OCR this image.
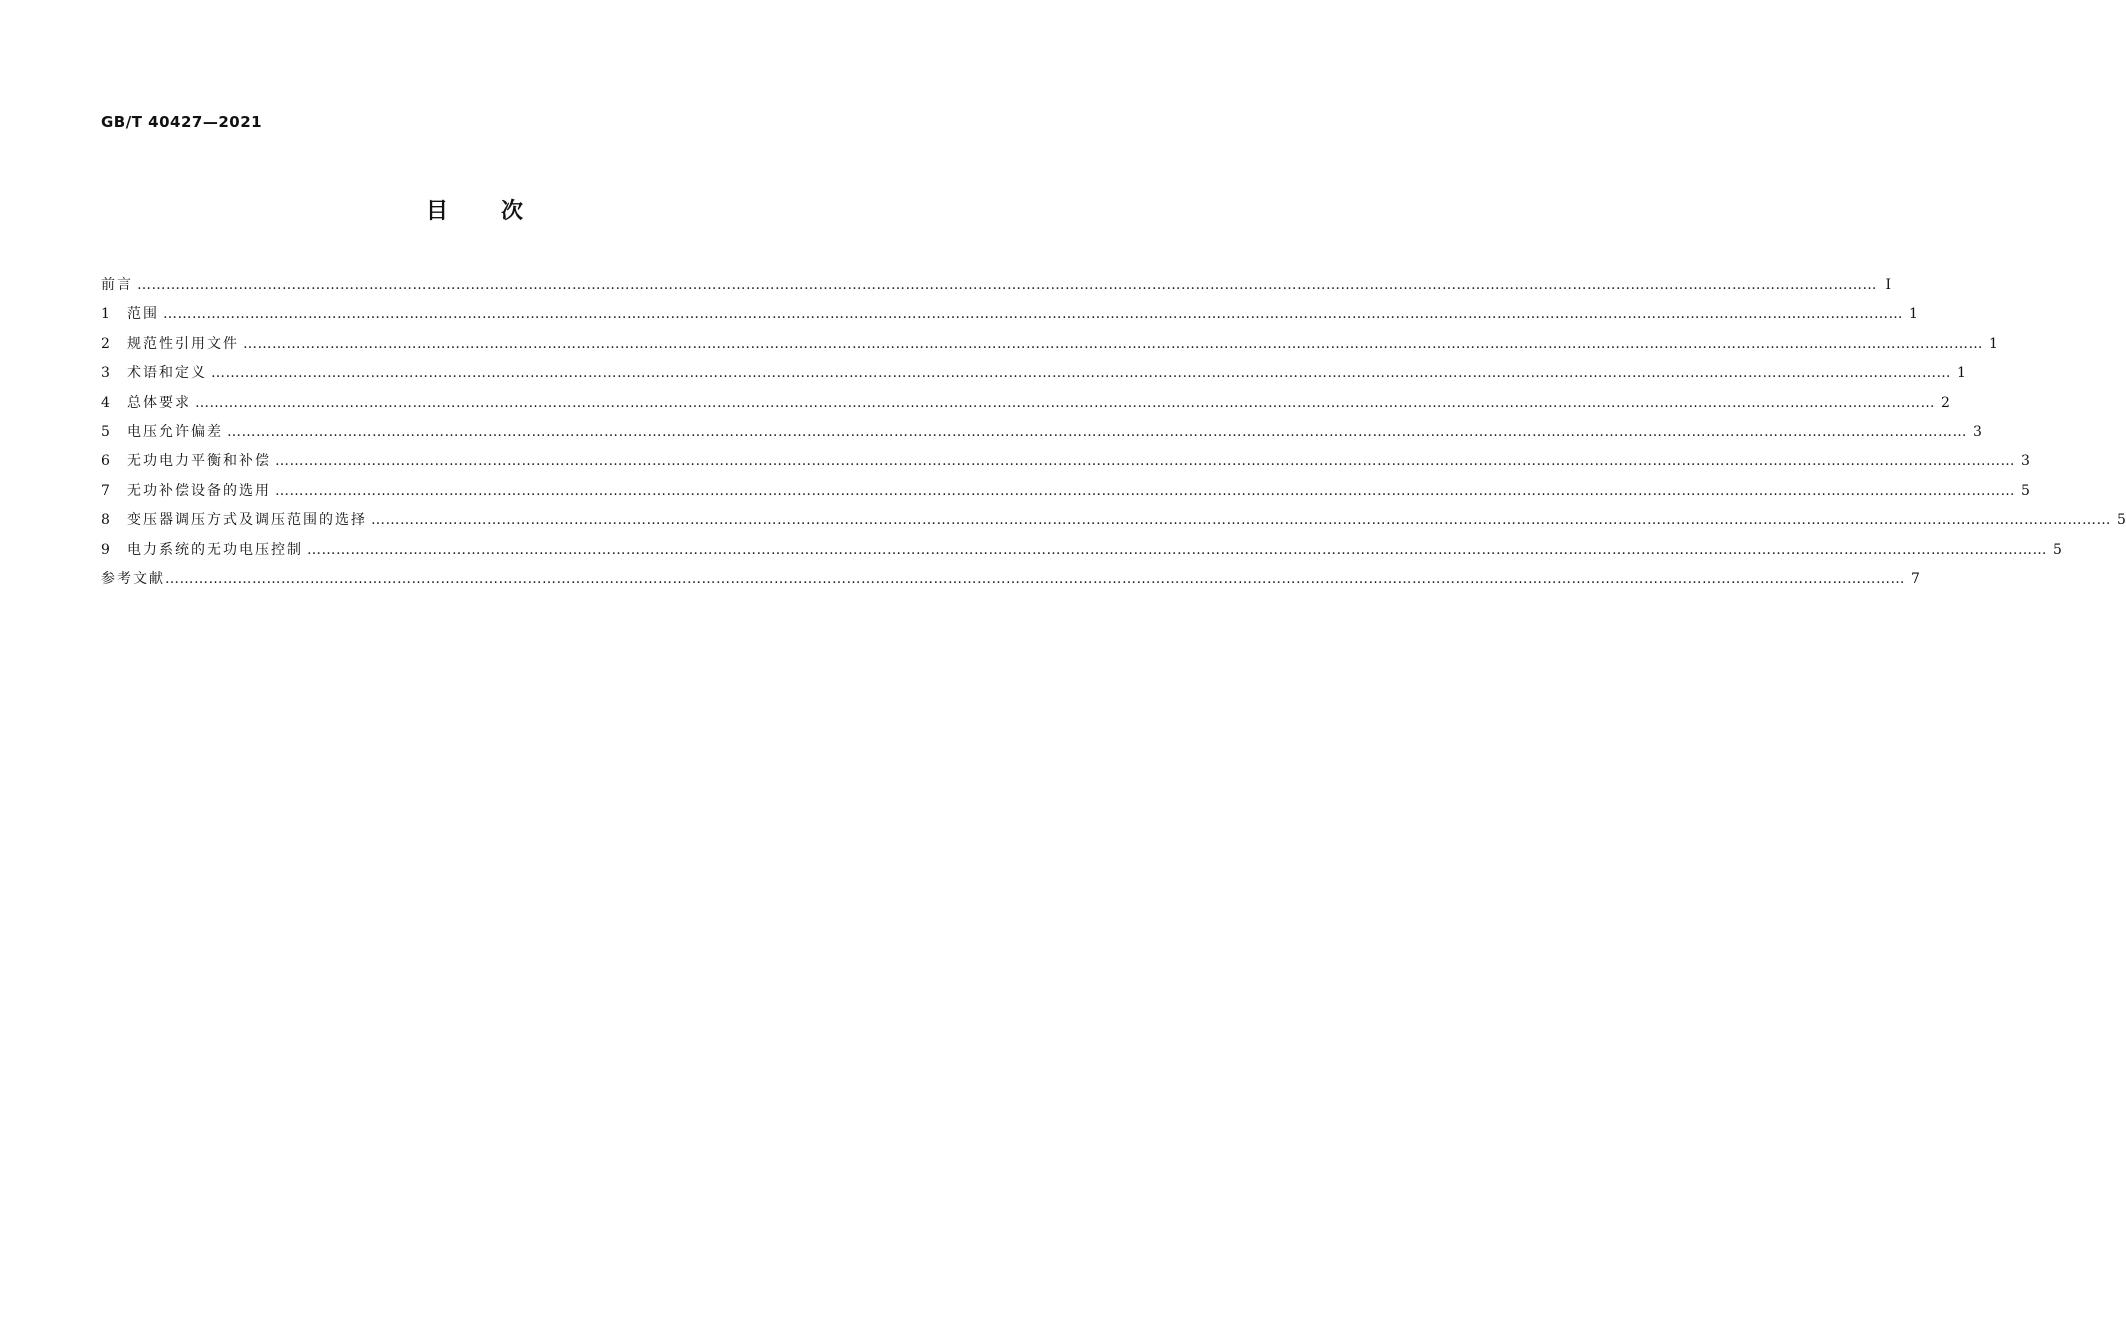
GB/T 40427—2021
目 次
前言 ……………………………………………………………………………………………………………………………………………………………………………………………………………………………………………………………………………………………………………………………… Ⅰ
1	范围 ……………………………………………………………………………………………………………………………………………………………………………………………………………………………………………………………………………………………………………………………… 1
2	规范性引用文件 ……………………………………………………………………………………………………………………………………………………………………………………………………………………………………………………………………………………………………………………………… 1
3	术语和定义 ……………………………………………………………………………………………………………………………………………………………………………………………………………………………………………………………………………………………………………………………… 1
4	总体要求 ……………………………………………………………………………………………………………………………………………………………………………………………………………………………………………………………………………………………………………………………… 2
5	电压允许偏差 ……………………………………………………………………………………………………………………………………………………………………………………………………………………………………………………………………………………………………………………………… 3
6	无功电力平衡和补偿 ……………………………………………………………………………………………………………………………………………………………………………………………………………………………………………………………………………………………………………………………… 3
7	无功补偿设备的选用 ……………………………………………………………………………………………………………………………………………………………………………………………………………………………………………………………………………………………………………………………… 5
8	变压器调压方式及调压范围的选择 ……………………………………………………………………………………………………………………………………………………………………………………………………………………………………………………………………………………………………………………………… 5
9	电力系统的无功电压控制 ……………………………………………………………………………………………………………………………………………………………………………………………………………………………………………………………………………………………………………………………… 5
参考文献 ……………………………………………………………………………………………………………………………………………………………………………………………………………………………………………………………………………………………………………………………… 7
